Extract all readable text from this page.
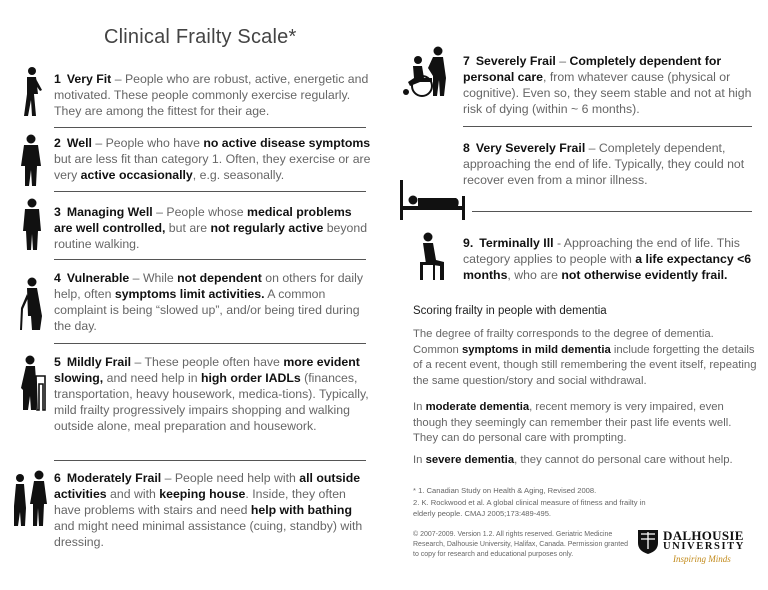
Clinical Frailty Scale*
1 Very Fit – People who are robust, active, energetic and motivated. These people commonly exercise regularly. They are among the fittest for their age.
2 Well – People who have no active disease symptoms but are less fit than category 1. Often, they exercise or are very active occasionally, e.g. seasonally.
3 Managing Well – People whose medical problems are well controlled, but are not regularly active beyond routine walking.
4 Vulnerable – While not dependent on others for daily help, often symptoms limit activities. A common complaint is being “slowed up”, and/or being tired during the day.
5 Mildly Frail – These people often have more evident slowing, and need help in high order IADLs (finances, transportation, heavy housework, medica-tions). Typically, mild frailty progressively impairs shopping and walking outside alone, meal preparation and housework.
6 Moderately Frail – People need help with all outside activities and with keeping house. Inside, they often have problems with stairs and need help with bathing and might need minimal assistance (cuing, standby) with dressing.
7 Severely Frail – Completely dependent for personal care, from whatever cause (physical or cognitive). Even so, they seem stable and not at high risk of dying (within ~ 6 months).
8 Very Severely Frail – Completely dependent, approaching the end of life. Typically, they could not recover even from a minor illness.
9. Terminally Ill - Approaching the end of life. This category applies to people with a life expectancy <6 months, who are not otherwise evidently frail.
Scoring frailty in people with dementia
The degree of frailty corresponds to the degree of dementia. Common symptoms in mild dementia include forgetting the details of a recent event, though still remembering the event itself, repeating the same question/story and social withdrawal.
In moderate dementia, recent memory is very impaired, even though they seemingly can remember their past life events well. They can do personal care with prompting.
In severe dementia, they cannot do personal care without help.
* 1. Canadian Study on Health & Aging, Revised 2008.
2. K. Rockwood et al. A global clinical measure of fitness and frailty in elderly people. CMAJ 2005;173:489-495.
© 2007-2009. Version 1.2. All rights reserved. Geriatric Medicine Research, Dalhousie University, Halifax, Canada. Permission granted to copy for research and educational purposes only.
DALHOUSIE
UNIVERSITY
Inspiring Minds
